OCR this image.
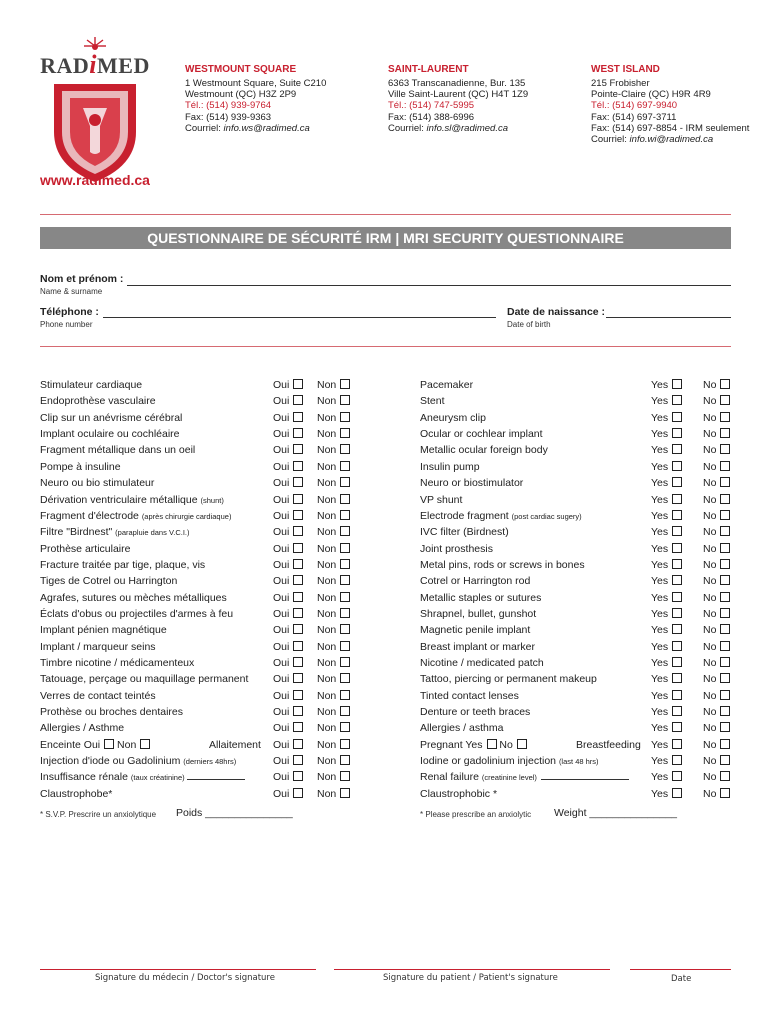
RADiMED	WESTMOUNT SQUARE
1 Westmount Square, Suite C210
Westmount (QC) H3Z 2P9
Tél.: (514) 939-9764
Fax: (514) 939-9363
Courriel: info.ws@radimed.ca
SAINT-LAURENT
6363 Transcanadienne, Bur. 135
Ville Saint-Laurent (QC) H4T 1Z9
Tél.: (514) 747-5995
Fax: (514) 388-6996
Courriel: info.sl@radimed.ca
WEST ISLAND
215 Frobisher
Pointe-Claire (QC) H9R 4R9
Tél.: (514) 697-9940
Fax: (514) 697-3711
Fax: (514) 697-8854 - IRM seulement
Courriel: info.wi@radimed.ca
www.radimed.ca
QUESTIONNAIRE DE SÉCURITÉ IRM | MRI SECURITY QUESTIONNAIRE
Nom et prénom :
Name & surname
Téléphone :
Phone number
Date de naissance :
Date of birth
Stimulateur cardiaque	Oui	Non	Pacemaker	Yes	No
Endoprothèse vasculaire	Oui	Non	Stent	Yes	No
Clip sur un anévrisme cérébral	Oui	Non	Aneurysm clip	Yes	No
Implant oculaire ou cochléaire	Oui	Non	Ocular or cochlear implant	Yes	No
Fragment métallique dans un oeil	Oui	Non	Metallic ocular foreign body	Yes	No
Pompe à insuline	Oui	Non	Insulin pump	Yes	No
Neuro ou bio stimulateur	Oui	Non	Neuro or biostimulator	Yes	No
Dérivation ventriculaire métallique (shunt)	Oui	Non	VP shunt	Yes	No
Fragment d'électrode (après chirurgie cardiaque)	Oui	Non	Electrode fragment (post cardiac sugery)	Yes	No
Filtre "Birdnest" (parapluie dans V.C.I.)	Oui	Non	IVC filter (Birdnest)	Yes	No
Prothèse articulaire	Oui	Non	Joint prosthesis	Yes	No
Fracture traitée par tige, plaque, vis	Oui	Non	Metal pins, rods or screws in bones	Yes	No
Tiges de Cotrel ou Harrington	Oui	Non	Cotrel or Harrington rod	Yes	No
Agrafes, sutures ou mèches métalliques	Oui	Non	Metallic staples or sutures	Yes	No
Éclats d'obus ou projectiles d'armes à feu	Oui	Non	Shrapnel, bullet, gunshot	Yes	No
Implant pénien magnétique	Oui	Non	Magnetic penile implant	Yes	No
Implant / marqueur seins	Oui	Non	Breast implant or marker	Yes	No
Timbre nicotine / médicamenteux	Oui	Non	Nicotine / medicated patch	Yes	No
Tatouage, perçage ou maquillage permanent Oui	Non	Tattoo, piercing or permanent makeup	Yes	No
Verres de contact teintés	Oui	Non	Tinted contact lenses	Yes	No
Prothèse ou broches dentaires	Oui	Non	Denture or teeth braces	Yes	No
Allergies / Asthme	Oui	Non	Allergies / asthma	Yes	No
Enceinte Oui Non	Allaitement Oui	Non	Pregnant Yes No	Breastfeeding Yes	No
Injection d'iode ou Gadolinium (derniers 48hrs)	Oui	Non	Iodine or gadolinium injection (last 48 hrs)	Yes	No
Insuffisance rénale (taux créatinine)	Oui	Non	Renal failure (creatinine level)	Yes	No
Claustrophobe*	Oui	Non	Claustrophobic *	Yes	No
* S.V.P. Prescrire un anxiolytique Poids _______________	* Please prescribe an anxiolytic Weight _______________
Signature du médecin / Doctor's signature	Signature du patient / Patient's signature	Date
